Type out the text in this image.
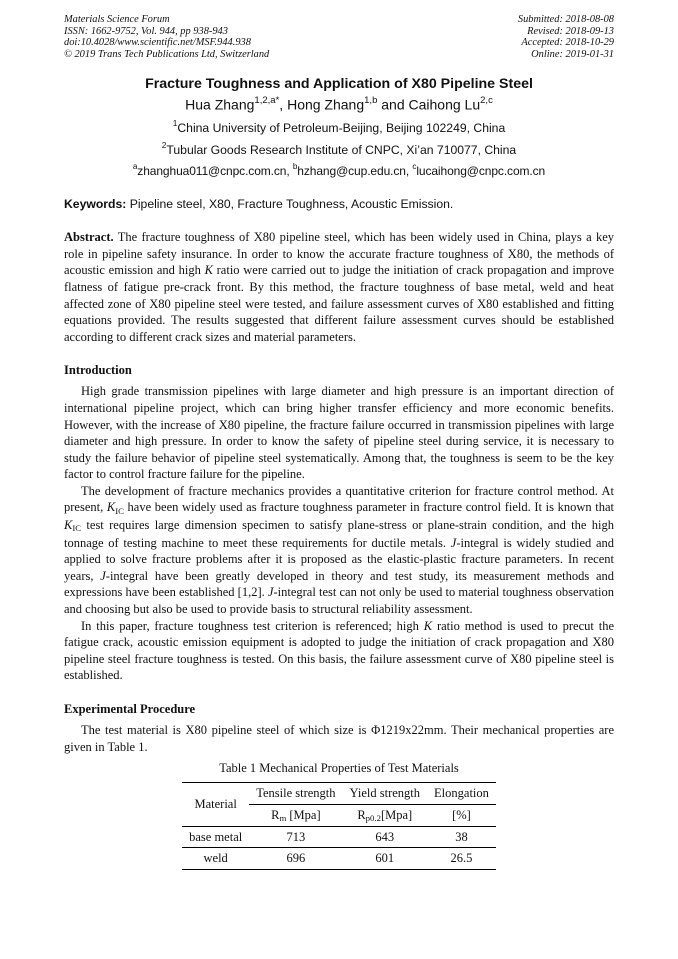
Materials Science Forum
ISSN: 1662-9752, Vol. 944, pp 938-943
doi:10.4028/www.scientific.net/MSF.944.938
© 2019 Trans Tech Publications Ltd, Switzerland
Submitted: 2018-08-08
Revised: 2018-09-13
Accepted: 2018-10-29
Online: 2019-01-31
Fracture Toughness and Application of X80 Pipeline Steel
Hua Zhang$^{1,2,a*}$, Hong Zhang$^{1,b}$ and Caihong Lu$^{2,c}$
$^1$China University of Petroleum-Beijing, Beijing 102249, China
$^2$Tubular Goods Research Institute of CNPC, Xi’an 710077, China
$^a$zhanghua011@cnpc.com.cn, $^b$hzhang@cup.edu.cn, $^c$lucaihong@cnpc.com.cn
Keywords: Pipeline steel, X80, Fracture Toughness, Acoustic Emission.

Abstract. The fracture toughness of X80 pipeline steel, which has been widely used in China, plays a key role in pipeline safety insurance. In order to know the accurate fracture toughness of X80, the methods of acoustic emission and high K ratio were carried out to judge the initiation of crack propagation and improve flatness of fatigue pre-crack front. By this method, the fracture toughness of base metal, weld and heat affected zone of X80 pipeline steel were tested, and failure assessment curves of X80 established and fitting equations provided. The results suggested that different failure assessment curves should be established according to different crack sizes and material parameters.

Introduction

High grade transmission pipelines with large diameter and high pressure is an important direction of international pipeline project, which can bring higher transfer efficiency and more economic benefits. However, with the increase of X80 pipeline, the fracture failure occurred in transmission pipelines with large diameter and high pressure. In order to know the safety of pipeline steel during service, it is necessary to study the failure behavior of pipeline steel systematically. Among that, the toughness is seem to be the key factor to control fracture failure for the pipeline.

The development of fracture mechanics provides a quantitative criterion for fracture control method. At present, KIC have been widely used as fracture toughness parameter in fracture control field. It is known that KIC test requires large dimension specimen to satisfy plane-stress or plane-strain condition, and the high tonnage of testing machine to meet these requirements for ductile metals. J-integral is widely studied and applied to solve fracture problems after it is proposed as the elastic-plastic fracture parameters. In recent years, J-integral have been greatly developed in theory and test study, its measurement methods and expressions have been established [1,2]. J-integral test can not only be used to material toughness observation and choosing but also be used to provide basis to structural reliability assessment.

In this paper, fracture toughness test criterion is referenced; high K ratio method is used to precut the fatigue crack, acoustic emission equipment is adopted to judge the initiation of crack propagation and X80 pipeline steel fracture toughness is tested. On this basis, the failure assessment curve of X80 pipeline steel is established.

Experimental Procedure

The test material is X80 pipeline steel of which size is Φ1219x22mm. Their mechanical properties are given in Table 1.

Table 1 Mechanical Properties of Test Materials
Material	Tensile strength	Yield strength	Elongation
	Rm [Mpa]	Rp0.2[Mpa]	[%]
base metal	713	643	38
weld	696	601	26.5
